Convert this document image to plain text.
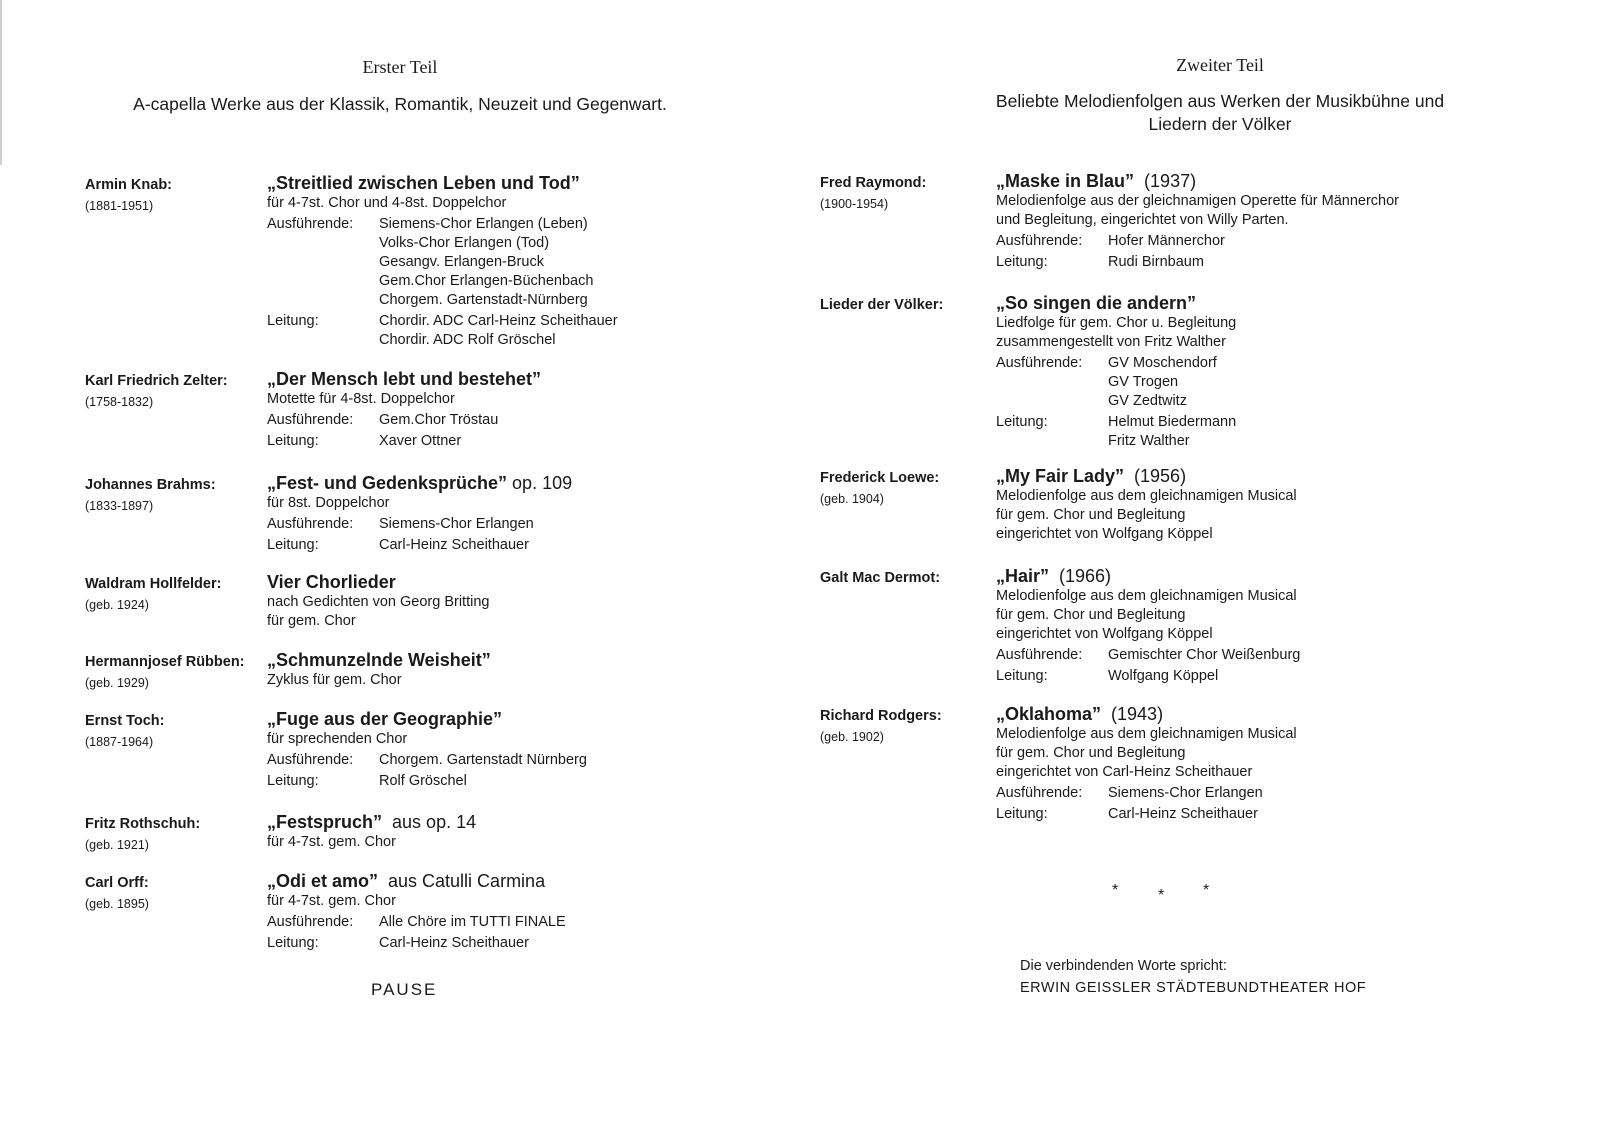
Erster Teil
A-capella Werke aus der Klassik, Romantik, Neuzeit und Gegenwart.
Armin Knab:
(1881-1951)
„Streitlied zwischen Leben und Tod”
für 4-7st. Chor und 4-8st. Doppelchor
Ausführende:	Siemens-Chor Erlangen (Leben)
Volks-Chor Erlangen (Tod)
Gesangv. Erlangen-Bruck
Gem.Chor Erlangen-Büchenbach
Chorgem. Gartenstadt-Nürnberg
Leitung:	Chordir. ADC Carl-Heinz Scheithauer
Chordir. ADC Rolf Gröschel
Karl Friedrich Zelter:
(1758-1832)
„Der Mensch lebt und bestehet”
Motette für 4-8st. Doppelchor
Ausführende:	Gem.Chor Tröstau
Leitung:	Xaver Ottner
Johannes Brahms:
(1833-1897)
„Fest- und Gedenksprüche” op. 109
für 8st. Doppelchor
Ausführende:	Siemens-Chor Erlangen
Leitung:	Carl-Heinz Scheithauer
Waldram Hollfelder:
(geb. 1924)
Vier Chorlieder
nach Gedichten von Georg Britting
für gem. Chor
Hermannjosef Rübben:
(geb. 1929)
„Schmunzelnde Weisheit”
Zyklus für gem. Chor
Ernst Toch:
(1887-1964)
„Fuge aus der Geographie”
für sprechenden Chor
Ausführende:	Chorgem. Gartenstadt Nürnberg
Leitung:	Rolf Gröschel
Fritz Rothschuh:
(geb. 1921)
„Festspruch”  aus op. 14
für 4-7st. gem. Chor
Carl Orff:
(geb. 1895)
„Odi et amo”  aus Catulli Carmina
für 4-7st. gem. Chor
Ausführende:	Alle Chöre im TUTTI FINALE
Leitung:	Carl-Heinz Scheithauer
PAUSE
Zweiter Teil
Beliebte Melodienfolgen aus Werken der Musikbühne und
Liedern der Völker
Fred Raymond:
(1900-1954)
„Maske in Blau”  (1937)
Melodienfolge aus der gleichnamigen Operette für Männerchor
und Begleitung, eingerichtet von Willy Parten.
Ausführende:	Hofer Männerchor
Leitung:	Rudi Birnbaum
Lieder der Völker:	„So singen die andern”
Liedfolge für gem. Chor u. Begleitung
zusammengestellt von Fritz Walther
Ausführende:	GV Moschendorf
GV Trogen
GV Zedtwitz
Leitung:	Helmut Biedermann
Fritz Walther
Frederick Loewe:
(geb. 1904)
„My Fair Lady”  (1956)
Melodienfolge aus dem gleichnamigen Musical
für gem. Chor und Begleitung
eingerichtet von Wolfgang Köppel
Galt Mac Dermot:	„Hair”  (1966)
Melodienfolge aus dem gleichnamigen Musical
für gem. Chor und Begleitung
eingerichtet von Wolfgang Köppel
Ausführende:	Gemischter Chor Weißenburg
Leitung:	Wolfgang Köppel
Richard Rodgers:
(geb. 1902)
„Oklahoma”  (1943)
Melodienfolge aus dem gleichnamigen Musical
für gem. Chor und Begleitung
eingerichtet von Carl-Heinz Scheithauer
Ausführende:	Siemens-Chor Erlangen
Leitung:	Carl-Heinz Scheithauer
* * *
Die verbindenden Worte spricht:
ERWIN GEISSLER STÄDTEBUNDTHEATER HOF
